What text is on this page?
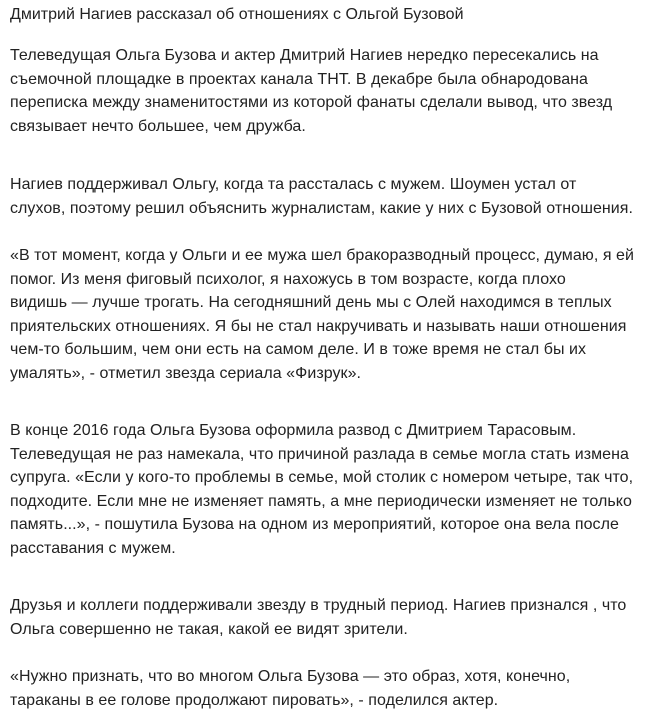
Дмитрий Нагиев рассказал об отношениях с Ольгой Бузовой

Телеведущая Ольга Бузова и актер Дмитрий Нагиев нередко пересекались на
съемочной площадке в проектах канала ТНТ. В декабре была обнародована
переписка между знаменитостями из которой фанаты сделали вывод, что звезд
связывает нечто большее, чем дружба.

Нагиев поддерживал Ольгу, когда та рассталась с мужем. Шоумен устал от
слухов, поэтому решил объяснить журналистам, какие у них с Бузовой отношения.

«В тот момент, когда у Ольги и ее мужа шел бракоразводный процесс, думаю, я ей
помог. Из меня фиговый психолог, я нахожусь в том возрасте, когда плохо
видишь — лучше трогать. На сегодняшний день мы с Олей находимся в теплых
приятельских отношениях. Я бы не стал накручивать и называть наши отношения
чем-то большим, чем они есть на самом деле. И в тоже время не стал бы их
умалять», - отметил звезда сериала «Физрук».

В конце 2016 года Ольга Бузова оформила развод с Дмитрием Тарасовым.
Телеведущая не раз намекала, что причиной разлада в семье могла стать измена
супруга. «Если у кого-то проблемы в семье, мой столик с номером четыре, так что,
подходите. Если мне не изменяет память, а мне периодически изменяет не только
память...», - пошутила Бузова на одном из мероприятий, которое она вела после
расставания с мужем.

Друзья и коллеги поддерживали звезду в трудный период. Нагиев признался , что
Ольга совершенно не такая, какой ее видят зрители.

«Нужно признать, что во многом Ольга Бузова — это образ, хотя, конечно,
тараканы в ее голове продолжают пировать», - поделился актер.
